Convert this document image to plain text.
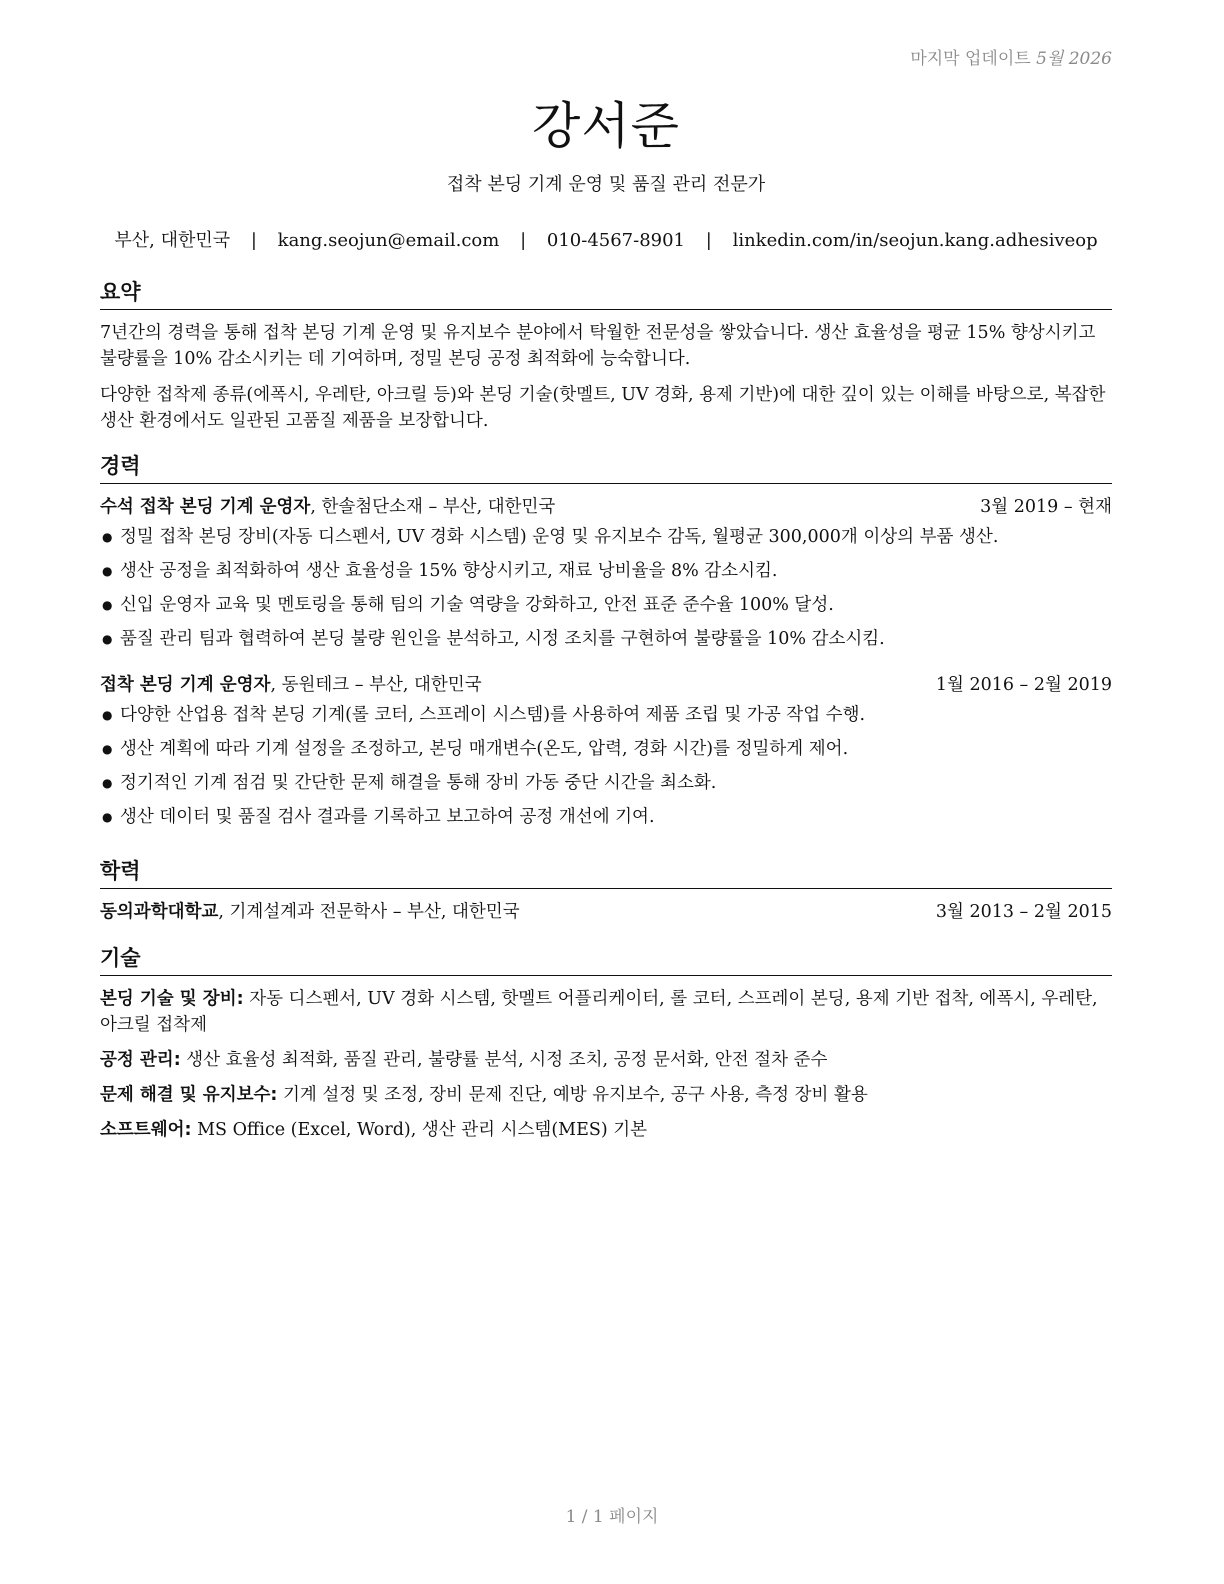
마지막 업데이트 5월 2026
강서준
접착 본딩 기계 운영 및 품질 관리 전문가
부산, 대한민국 | kang.seojun@email.com | 010-4567-8901 | linkedin.com/in/seojun.kang.adhesiveop
요약

7년간의 경력을 통해 접착 본딩 기계 운영 및 유지보수 분야에서 탁월한 전문성을 쌓았습니다. 생산 효율성을 평균 15% 향상시키고 불량률을 10% 감소시키는 데 기여하며, 정밀 본딩 공정 최적화에 능숙합니다.

다양한 접착제 종류(에폭시, 우레탄, 아크릴 등)와 본딩 기술(핫멜트, UV 경화, 용제 기반)에 대한 깊이 있는 이해를 바탕으로, 복잡한 생산 환경에서도 일관된 고품질 제품을 보장합니다.

경력
수석 접착 본딩 기계 운영자, 한솔첨단소재 – 부산, 대한민국	3월 2019 – 현재
● 정밀 접착 본딩 장비(자동 디스펜서, UV 경화 시스템) 운영 및 유지보수 감독, 월평균 300,000개 이상의 부품 생산.
● 생산 공정을 최적화하여 생산 효율성을 15% 향상시키고, 재료 낭비율을 8% 감소시킴.
● 신입 운영자 교육 및 멘토링을 통해 팀의 기술 역량을 강화하고, 안전 표준 준수율 100% 달성.
● 품질 관리 팀과 협력하여 본딩 불량 원인을 분석하고, 시정 조치를 구현하여 불량률을 10% 감소시킴.
접착 본딩 기계 운영자, 동원테크 – 부산, 대한민국	1월 2016 – 2월 2019
● 다양한 산업용 접착 본딩 기계(롤 코터, 스프레이 시스템)를 사용하여 제품 조립 및 가공 작업 수행.
● 생산 계획에 따라 기계 설정을 조정하고, 본딩 매개변수(온도, 압력, 경화 시간)를 정밀하게 제어.
● 정기적인 기계 점검 및 간단한 문제 해결을 통해 장비 가동 중단 시간을 최소화.
● 생산 데이터 및 품질 검사 결과를 기록하고 보고하여 공정 개선에 기여.
학력
동의과학대학교, 기계설계과 전문학사 – 부산, 대한민국	3월 2013 – 2월 2015
기술
본딩 기술 및 장비: 자동 디스펜서, UV 경화 시스템, 핫멜트 어플리케이터, 롤 코터, 스프레이 본딩, 용제 기반 접착, 에폭시, 우레탄, 아크릴 접착제
공정 관리: 생산 효율성 최적화, 품질 관리, 불량률 분석, 시정 조치, 공정 문서화, 안전 절차 준수
문제 해결 및 유지보수: 기계 설정 및 조정, 장비 문제 진단, 예방 유지보수, 공구 사용, 측정 장비 활용
소프트웨어: MS Office (Excel, Word), 생산 관리 시스템(MES) 기본
1 / 1 페이지
